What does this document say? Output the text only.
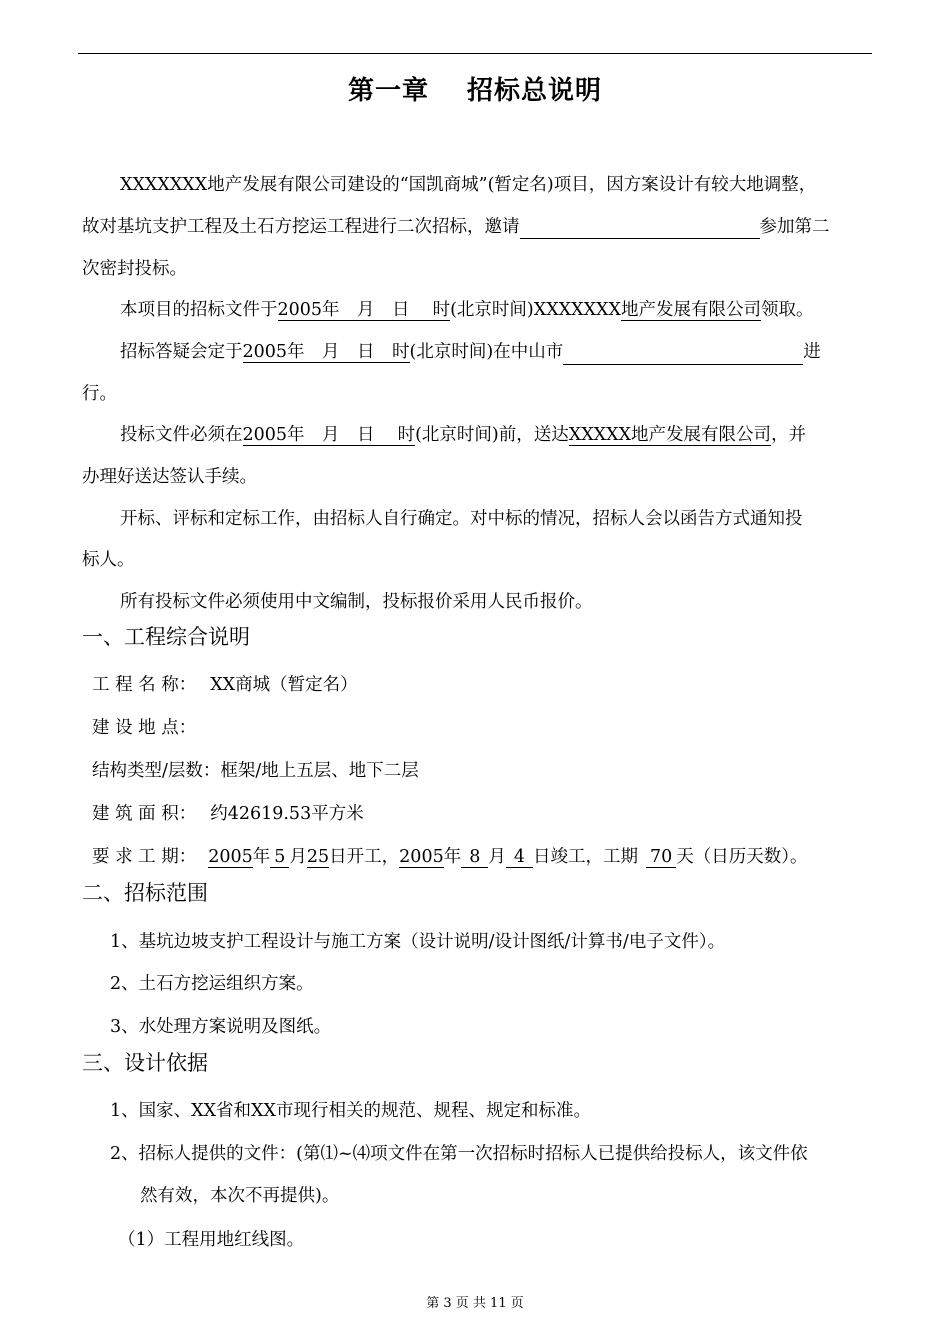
第一章 招标总说明
XXXXXXX地产发展有限公司建设的“国凯商城”(暂定名)项目，因方案设计有较大地调整，
故对基坑支护工程及土石方挖运工程进行二次招标，邀请	参加第二
次密封投标。
本项目的招标文件于2005年　月　日　 时(北京时间)XXXXXXX地产发展有限公司领取。
招标答疑会定于2005年　月　日　时(北京时间)在中山市	进
行。
投标文件必须在2005年　月　日　 时(北京时间)前，送达XXXXX地产发展有限公司，并
办理好送达签认手续。
开标、评标和定标工作，由招标人自行确定。对中标的情况，招标人会以函告方式通知投
标人。
所有投标文件必须使用中文编制，投标报价采用人民币报价。
一、工程综合说明
工 程 名 称： XX商城（暂定名）
建 设 地 点：
结构类型/层数：框架/地上五层、地下二层
建 筑 面 积： 约42619.53平方米
要 求 工 期： 2005年 5 月25日开工，2005年 8 月 4 日竣工，工期 70 天（日历天数）。
二、招标范围
1、基坑边坡支护工程设计与施工方案（设计说明/设计图纸/计算书/电子文件）。
2、土石方挖运组织方案。
3、水处理方案说明及图纸。
三、设计依据
1、国家、XX省和XX市现行相关的规范、规程、规定和标准。
2、招标人提供的文件：(第⑴~⑷项文件在第一次招标时招标人已提供给投标人，该文件依
然有效，本次不再提供)。
（1）工程用地红线图。
第 3 页 共 11 页
